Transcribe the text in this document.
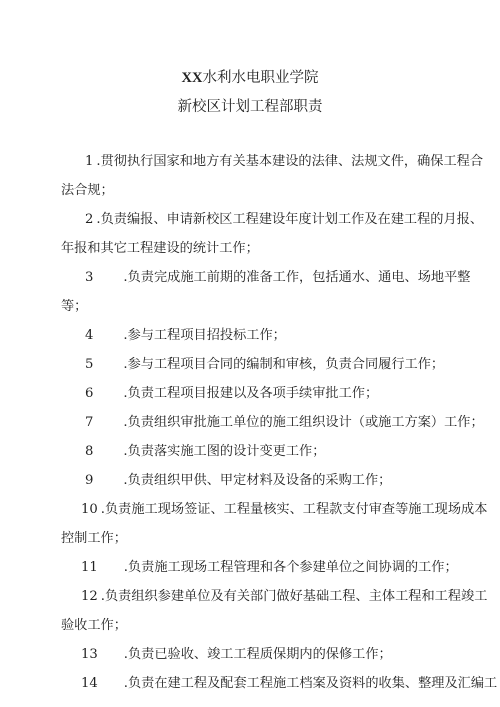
XX水利水电职业学院
新校区计划工程部职责
1 .贯彻执行国家和地方有关基本建设的法律、法规文件，确保工程合
法合规；
2 .负责编报、申请新校区工程建设年度计划工作及在建工程的月报、
年报和其它工程建设的统计工作；
3 .负责完成施工前期的准备工作，包括通水、通电、场地平整
等；
4 .参与工程项目招投标工作；
5 .参与工程项目合同的编制和审核，负责合同履行工作；
6 .负责工程项目报建以及各项手续审批工作；
7 .负责组织审批施工单位的施工组织设计（或施工方案）工作；
8 .负责落实施工图的设计变更工作；
9 .负责组织甲供、甲定材料及设备的采购工作；
10 .负责施工现场签证、工程量核实、工程款支付审查等施工现场成本
控制工作；
11 .负责施工现场工程管理和各个参建单位之间协调的工作；
12 .负责组织参建单位及有关部门做好基础工程、主体工程和工程竣工
验收工作；
13 .负责已验收、竣工工程质保期内的保修工作；
14 .负责在建工程及配套工程施工档案及资料的收集、整理及汇编工
